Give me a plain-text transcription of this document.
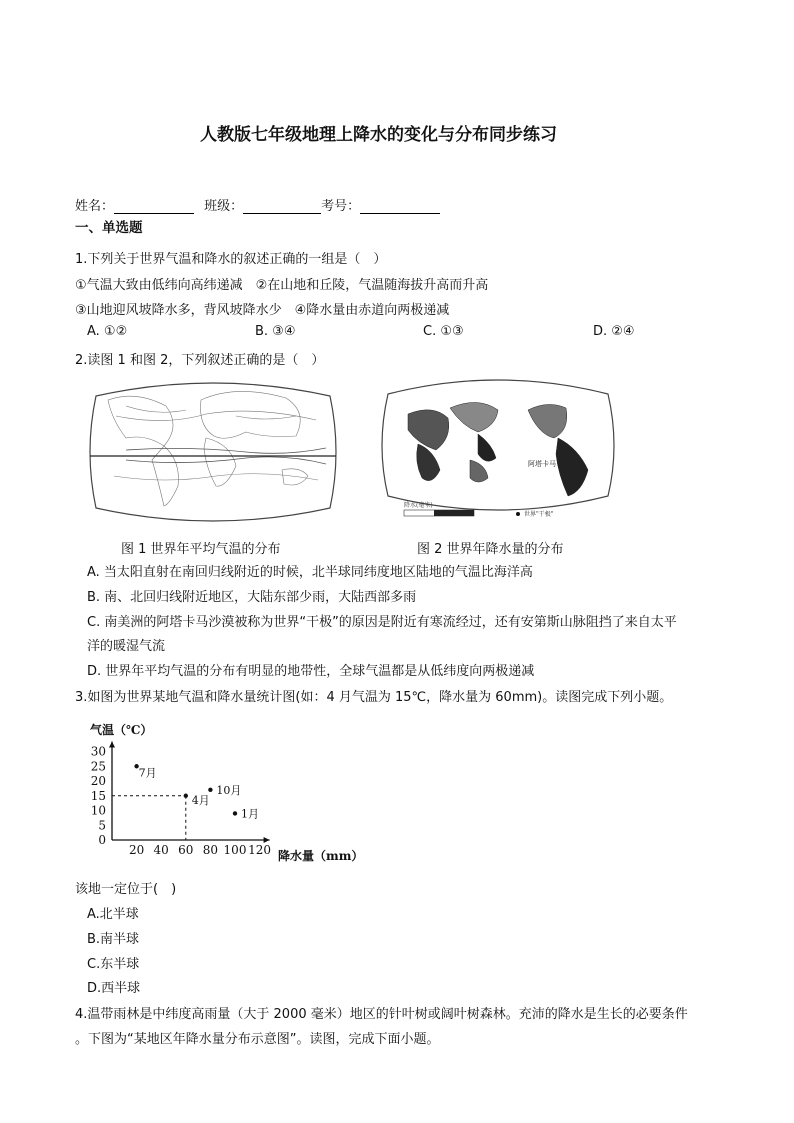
人教版七年级地理上降水的变化与分布同步练习
姓名：	班级：	考号：
一、单选题
1.下列关于世界气温和降水的叙述正确的一组是（　）
①气温大致由低纬向高纬递减　②在山地和丘陵，气温随海拔升高而升高
③山地迎风坡降水多，背风坡降水少　④降水量由赤道向两极递减
A. ①②	B. ③④	C. ①③	D. ②④
2.读图 1 和图 2，下列叙述正确的是（　）
阿塔卡马
降水(毫米)
世界"干极"
图 1 世界年平均气温的分布	图 2 世界年降水量的分布
A. 当太阳直射在南回归线附近的时候，北半球同纬度地区陆地的气温比海洋高
B. 南、北回归线附近地区，大陆东部少雨，大陆西部多雨
C. 南美洲的阿塔卡马沙漠被称为世界“干极”的原因是附近有寒流经过，还有安第斯山脉阻挡了来自太平
洋的暖湿气流
D. 世界年平均气温的分布有明显的地带性，全球气温都是从低纬度向两极递减
3.如图为世界某地气温和降水量统计图(如：4 月气温为 15℃，降水量为 60mm)。读图完成下列小题。
气温（℃）
降水量（mm）
0
5
10
15
20
25
30
20 40 60 80 100 120
7月
4月
10月
1月
该地一定位于(　)
A.北半球
B.南半球
C.东半球
D.西半球
4.温带雨林是中纬度高雨量（大于 2000 毫米）地区的针叶树或阔叶树森林。充沛的降水是生长的必要条件
。下图为“某地区年降水量分布示意图”。读图，完成下面小题。
